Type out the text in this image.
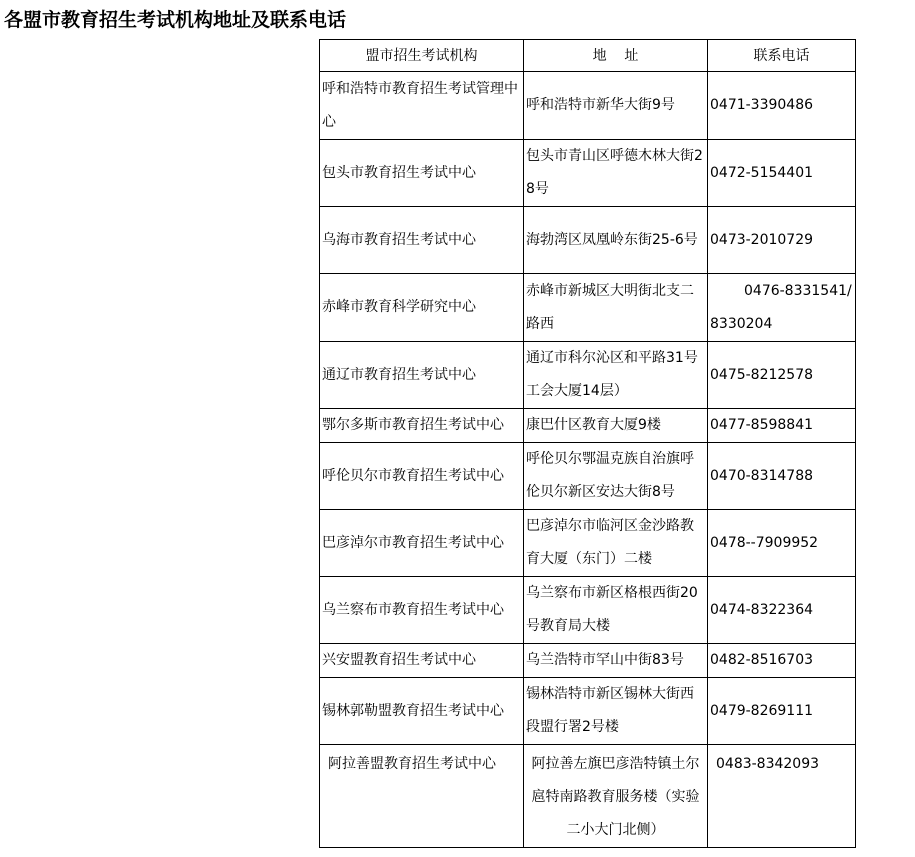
各盟市教育招生考试机构地址及联系电话
盟市招生考试机构	地    址	联系电话
呼和浩特市教育招生考试管理中心	呼和浩特市新华大街9号	0471-3390486
包头市教育招生考试中心	包头市青山区呼德木林大街28号	0472-5154401
乌海市教育招生考试中心	海勃湾区凤凰岭东街25-6号	0473-2010729
赤峰市教育科学研究中心	赤峰市新城区大明街北支二路西	0476-8331541/8330204
通辽市教育招生考试中心	通辽市科尔沁区和平路31号工会大厦14层）	0475-8212578
鄂尔多斯市教育招生考试中心	康巴什区教育大厦9楼	0477-8598841
呼伦贝尔市教育招生考试中心	呼伦贝尔鄂温克族自治旗呼伦贝尔新区安达大街8号	0470-8314788
巴彦淖尔市教育招生考试中心	巴彦淖尔市临河区金沙路教育大厦（东门）二楼	0478--7909952
乌兰察布市教育招生考试中心	乌兰察布市新区格根西街20号教育局大楼	0474-8322364
兴安盟教育招生考试中心	乌兰浩特市罕山中街83号	0482-8516703
锡林郭勒盟教育招生考试中心	锡林浩特市新区锡林大街西段盟行署2号楼	0479-8269111
阿拉善盟教育招生考试中心	阿拉善左旗巴彦浩特镇土尔扈特南路教育服务楼（实验二小大门北侧）	0483-8342093
